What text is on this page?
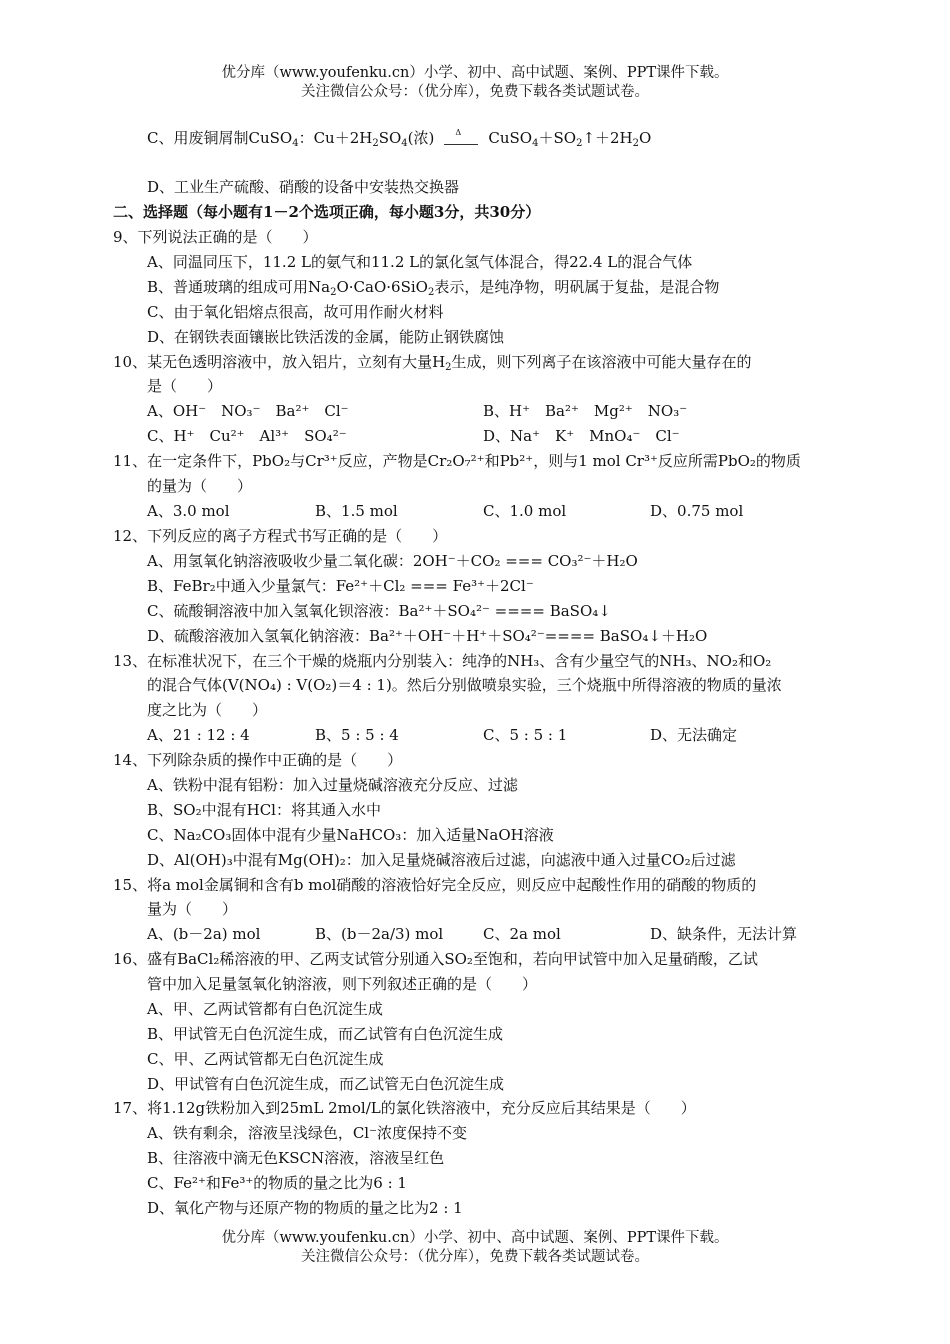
优分库（www.youfenku.cn）小学、初中、高中试题、案例、PPT课件下载。
关注微信公众号：（优分库），免费下载各类试题试卷。
C、用废铜屑制CuSO$_4$：$Cu+2H_2SO_4$(浓)	Δ $CuSO_4+SO_2↑+2H_2O$
D、工业生产硫酸、硝酸的设备中安装热交换器
二、选择题（每小题有1－2个选项正确，每小题3分，共30分）
9、下列说法正确的是（　　）
A、同温同压下，11.2 L的氨气和11.2 L的氯化氢气体混合，得22.4 L的混合气体
B、普通玻璃的组成可用$Na_2O\cdot CaO\cdot 6SiO_2$表示，是纯净物，明矾属于复盐，是混合物
C、由于氧化铝熔点很高，故可用作耐火材料
D、在钢铁表面镶嵌比铁活泼的金属，能防止钢铁腐蚀
10、某无色透明溶液中，放入铝片，立刻有大量$H_2$生成，则下列离子在该溶液中可能大量存在的
是（　　）
A、OH⁻　NO₃⁻　Ba²⁺　Cl⁻	B、H⁺　Ba²⁺　Mg²⁺　NO₃⁻
C、H⁺　Cu²⁺　Al³⁺　SO₄²⁻	D、Na⁺　K⁺　MnO₄⁻　Cl⁻
11、在一定条件下，PbO₂与Cr³⁺反应，产物是Cr₂O₇²⁺和Pb²⁺，则与1 mol Cr³⁺反应所需PbO₂的物质
的量为（　　）
A、3.0 mol	B、1.5 mol	C、1.0 mol	D、0.75 mol
12、下列反应的离子方程式书写正确的是（　　）
A、用氢氧化钠溶液吸收少量二氧化碳：2OH⁻＋CO₂ === CO₃²⁻＋H₂O
B、FeBr₂中通入少量氯气：Fe²⁺＋Cl₂ === Fe³⁺＋2Cl⁻
C、硫酸铜溶液中加入氢氧化钡溶液：Ba²⁺＋SO₄²⁻ ==== BaSO₄↓
D、硫酸溶液加入氢氧化钠溶液：Ba²⁺＋OH⁻＋H⁺＋SO₄²⁻==== BaSO₄↓＋H₂O
13、在标准状况下，在三个干燥的烧瓶内分别装入：纯净的NH₃、含有少量空气的NH₃、NO₂和O₂
的混合气体(V(NO₄) : V(O₂)＝4 : 1)。然后分别做喷泉实验，三个烧瓶中所得溶液的物质的量浓
度之比为（　　）
A、21 : 12 : 4	B、5 : 5 : 4	C、5 : 5 : 1	D、无法确定
14、下列除杂质的操作中正确的是（　　）
A、铁粉中混有铝粉：加入过量烧碱溶液充分反应、过滤
B、SO₂中混有HCl：将其通入水中
C、Na₂CO₃固体中混有少量NaHCO₃：加入适量NaOH溶液
D、Al(OH)₃中混有Mg(OH)₂：加入足量烧碱溶液后过滤，向滤液中通入过量CO₂后过滤
15、将a mol金属铜和含有b mol硝酸的溶液恰好完全反应，则反应中起酸性作用的硝酸的物质的
量为（　　）
A、(b－2a) mol	B、(b－2a/3) mol	C、2a mol	D、缺条件，无法计算
16、盛有BaCl₂稀溶液的甲、乙两支试管分别通入SO₂至饱和，若向甲试管中加入足量硝酸，乙试
管中加入足量氢氧化钠溶液，则下列叙述正确的是（　　）
A、甲、乙两试管都有白色沉淀生成
B、甲试管无白色沉淀生成，而乙试管有白色沉淀生成
C、甲、乙两试管都无白色沉淀生成
D、甲试管有白色沉淀生成，而乙试管无白色沉淀生成
17、将1.12g铁粉加入到25mL 2mol/L的氯化铁溶液中，充分反应后其结果是（　　）
A、铁有剩余，溶液呈浅绿色，Cl⁻浓度保持不变
B、往溶液中滴无色KSCN溶液，溶液呈红色
C、Fe²⁺和Fe³⁺的物质的量之比为6 : 1
D、氧化产物与还原产物的物质的量之比为2 : 1
优分库（www.youfenku.cn）小学、初中、高中试题、案例、PPT课件下载。
关注微信公众号：（优分库），免费下载各类试题试卷。
